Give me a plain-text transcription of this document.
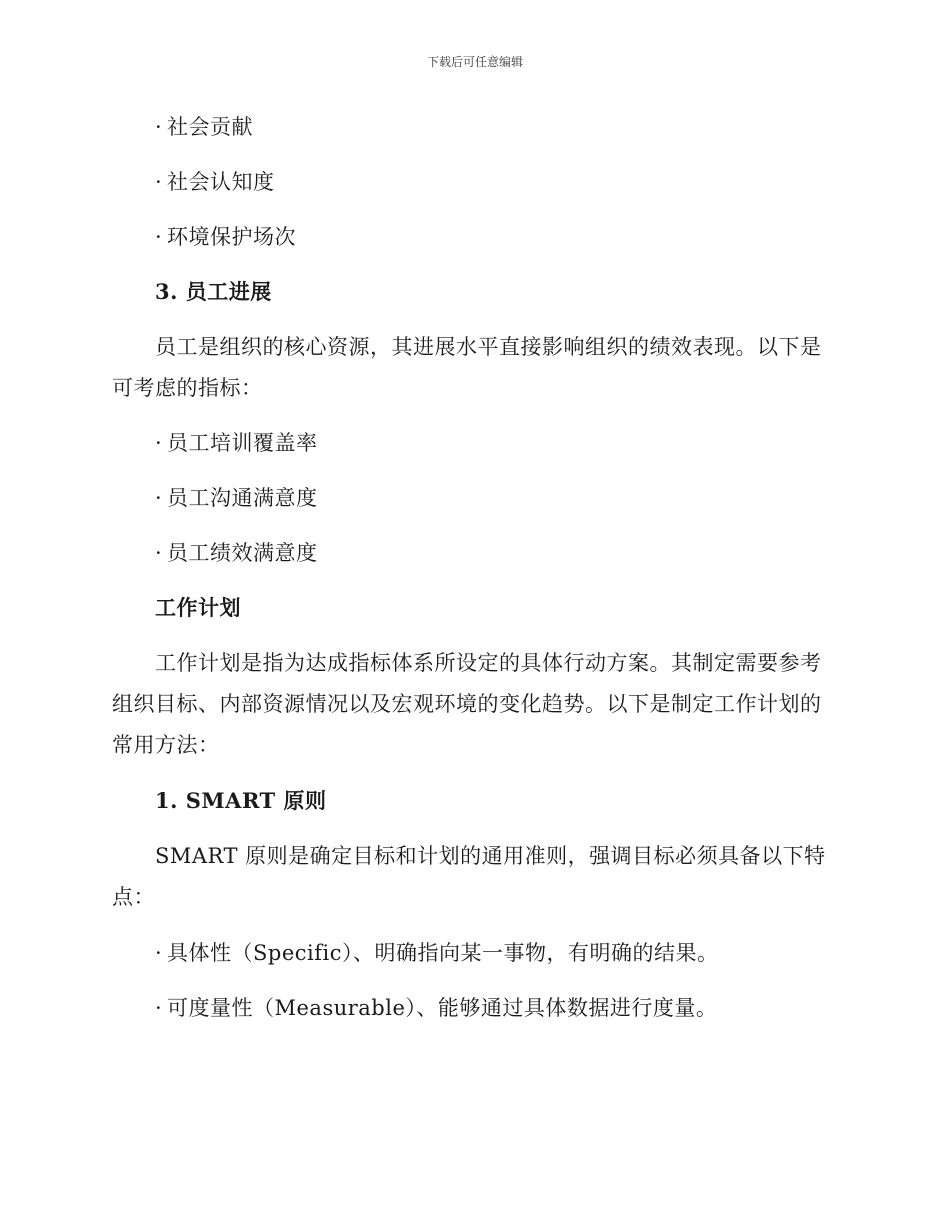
下载后可任意编辑
· 社会贡献
· 社会认知度
· 环境保护场次
3. 员工进展
员工是组织的核心资源，其进展水平直接影响组织的绩效表现。以下是
可考虑的指标：
· 员工培训覆盖率
· 员工沟通满意度
· 员工绩效满意度
工作计划
工作计划是指为达成指标体系所设定的具体行动方案。其制定需要参考
组织目标、内部资源情况以及宏观环境的变化趋势。以下是制定工作计划的
常用方法：
1. SMART 原则
SMART 原则是确定目标和计划的通用准则，强调目标必须具备以下特
点：
· 具体性（Specific）、明确指向某一事物，有明确的结果。
· 可度量性（Measurable）、能够通过具体数据进行度量。
